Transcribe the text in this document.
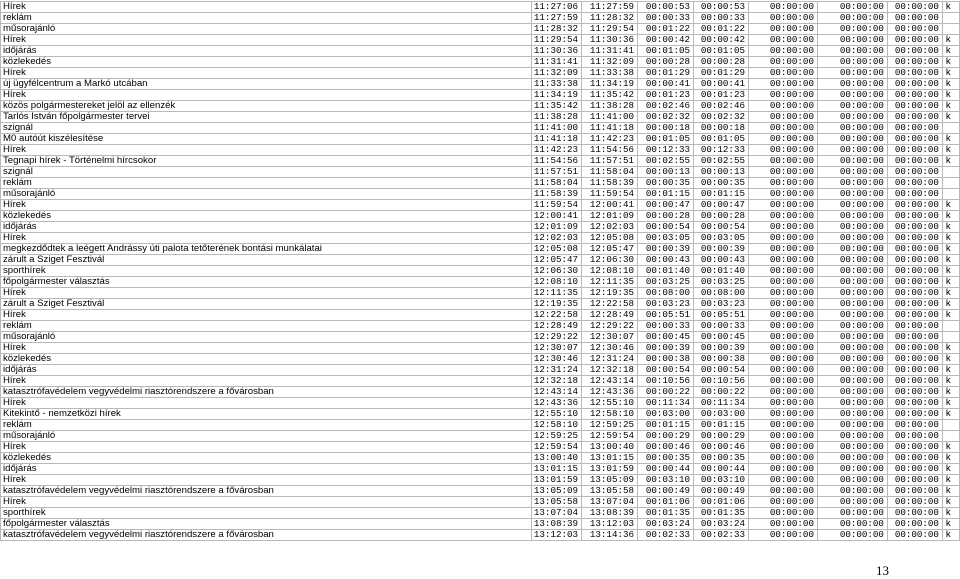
Hírek	11:27:06	11:27:59	00:00:53	00:00:53	00:00:00	00:00:00	00:00:00	k
reklám	11:27:59	11:28:32	00:00:33	00:00:33	00:00:00	00:00:00	00:00:00	
műsorajánló	11:28:32	11:29:54	00:01:22	00:01:22	00:00:00	00:00:00	00:00:00	
Hírek	11:29:54	11:30:36	00:00:42	00:00:42	00:00:00	00:00:00	00:00:00	k
időjárás	11:30:36	11:31:41	00:01:05	00:01:05	00:00:00	00:00:00	00:00:00	k
közlekedés	11:31:41	11:32:09	00:00:28	00:00:28	00:00:00	00:00:00	00:00:00	k
Hírek	11:32:09	11:33:38	00:01:29	00:01:29	00:00:00	00:00:00	00:00:00	k
új ügyfélcentrum a Markó utcában	11:33:38	11:34:19	00:00:41	00:00:41	00:00:00	00:00:00	00:00:00	k
Hírek	11:34:19	11:35:42	00:01:23	00:01:23	00:00:00	00:00:00	00:00:00	k
közös polgármestereket jelöl az ellenzék	11:35:42	11:38:28	00:02:46	00:02:46	00:00:00	00:00:00	00:00:00	k
Tarlós István főpolgármester tervei	11:38:28	11:41:00	00:02:32	00:02:32	00:00:00	00:00:00	00:00:00	k
szignál	11:41:00	11:41:18	00:00:18	00:00:18	00:00:00	00:00:00	00:00:00	
M0 autóút kiszélesítése	11:41:18	11:42:23	00:01:05	00:01:05	00:00:00	00:00:00	00:00:00	k
Hírek	11:42:23	11:54:56	00:12:33	00:12:33	00:00:00	00:00:00	00:00:00	k
Tegnapi hírek - Történelmi hírcsokor	11:54:56	11:57:51	00:02:55	00:02:55	00:00:00	00:00:00	00:00:00	k
szignál	11:57:51	11:58:04	00:00:13	00:00:13	00:00:00	00:00:00	00:00:00	
reklám	11:58:04	11:58:39	00:00:35	00:00:35	00:00:00	00:00:00	00:00:00	
műsorajánló	11:58:39	11:59:54	00:01:15	00:01:15	00:00:00	00:00:00	00:00:00	
Hírek	11:59:54	12:00:41	00:00:47	00:00:47	00:00:00	00:00:00	00:00:00	k
közlekedés	12:00:41	12:01:09	00:00:28	00:00:28	00:00:00	00:00:00	00:00:00	k
időjárás	12:01:09	12:02:03	00:00:54	00:00:54	00:00:00	00:00:00	00:00:00	k
Hírek	12:02:03	12:05:08	00:03:05	00:03:05	00:00:00	00:00:00	00:00:00	k
megkezdődtek a leégett Andrássy úti palota tetőterének bontási munkálatai	12:05:08	12:05:47	00:00:39	00:00:39	00:00:00	00:00:00	00:00:00	k
zárult a Sziget Fesztivál	12:05:47	12:06:30	00:00:43	00:00:43	00:00:00	00:00:00	00:00:00	k
sporthírek	12:06:30	12:08:10	00:01:40	00:01:40	00:00:00	00:00:00	00:00:00	k
főpolgármester választás	12:08:10	12:11:35	00:03:25	00:03:25	00:00:00	00:00:00	00:00:00	k
Hírek	12:11:35	12:19:35	00:08:00	00:08:00	00:00:00	00:00:00	00:00:00	k
zárult a Sziget Fesztivál	12:19:35	12:22:58	00:03:23	00:03:23	00:00:00	00:00:00	00:00:00	k
Hírek	12:22:58	12:28:49	00:05:51	00:05:51	00:00:00	00:00:00	00:00:00	k
reklám	12:28:49	12:29:22	00:00:33	00:00:33	00:00:00	00:00:00	00:00:00	
műsorajánló	12:29:22	12:30:07	00:00:45	00:00:45	00:00:00	00:00:00	00:00:00	
Hírek	12:30:07	12:30:46	00:00:39	00:00:39	00:00:00	00:00:00	00:00:00	k
közlekedés	12:30:46	12:31:24	00:00:38	00:00:38	00:00:00	00:00:00	00:00:00	k
időjárás	12:31:24	12:32:18	00:00:54	00:00:54	00:00:00	00:00:00	00:00:00	k
Hírek	12:32:18	12:43:14	00:10:56	00:10:56	00:00:00	00:00:00	00:00:00	k
katasztrófavédelem vegyvédelmi riasztórendszere a fővárosban	12:43:14	12:43:36	00:00:22	00:00:22	00:00:00	00:00:00	00:00:00	k
Hírek	12:43:36	12:55:10	00:11:34	00:11:34	00:00:00	00:00:00	00:00:00	k
Kitekintő - nemzetközi hírek	12:55:10	12:58:10	00:03:00	00:03:00	00:00:00	00:00:00	00:00:00	k
reklám	12:58:10	12:59:25	00:01:15	00:01:15	00:00:00	00:00:00	00:00:00	
műsorajánló	12:59:25	12:59:54	00:00:29	00:00:29	00:00:00	00:00:00	00:00:00	
Hírek	12:59:54	13:00:40	00:00:46	00:00:46	00:00:00	00:00:00	00:00:00	k
közlekedés	13:00:40	13:01:15	00:00:35	00:00:35	00:00:00	00:00:00	00:00:00	k
időjárás	13:01:15	13:01:59	00:00:44	00:00:44	00:00:00	00:00:00	00:00:00	k
Hírek	13:01:59	13:05:09	00:03:10	00:03:10	00:00:00	00:00:00	00:00:00	k
katasztrófavédelem vegyvédelmi riasztórendszere a fővárosban	13:05:09	13:05:58	00:00:49	00:00:49	00:00:00	00:00:00	00:00:00	k
Hírek	13:05:58	13:07:04	00:01:06	00:01:06	00:00:00	00:00:00	00:00:00	k
sporthírek	13:07:04	13:08:39	00:01:35	00:01:35	00:00:00	00:00:00	00:00:00	k
főpolgármester választás	13:08:39	13:12:03	00:03:24	00:03:24	00:00:00	00:00:00	00:00:00	k
katasztrófavédelem vegyvédelmi riasztórendszere a fővárosban	13:12:03	13:14:36	00:02:33	00:02:33	00:00:00	00:00:00	00:00:00	k
13
